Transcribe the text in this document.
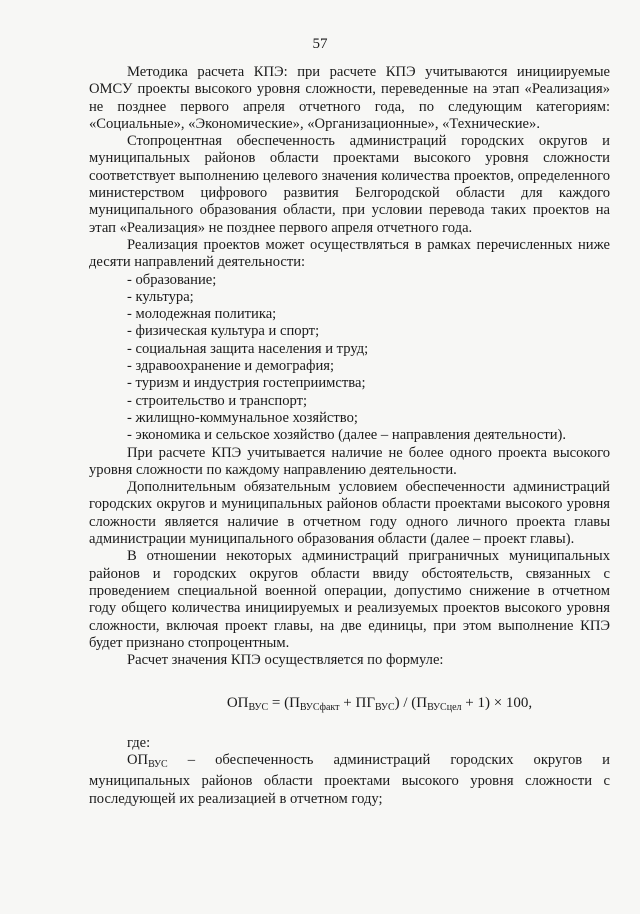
57

Методика расчета КПЭ: при расчете КПЭ учитываются инициируемые ОМСУ проекты высокого уровня сложности, переведенные на этап «Реализация» не позднее первого апреля отчетного года, по следующим категориям: «Социальные», «Экономические», «Организационные», «Технические».

Стопроцентная обеспеченность администраций городских округов и муниципальных районов области проектами высокого уровня сложности соответствует выполнению целевого значения количества проектов, определенного министерством цифрового развития Белгородской области для каждого муниципального образования области, при условии перевода таких проектов на этап «Реализация» не позднее первого апреля отчетного года.

Реализация проектов может осуществляться в рамках перечисленных ниже десяти направлений деятельности:

- образование;
- культура;
- молодежная политика;
- физическая культура и спорт;
- социальная защита населения и труд;
- здравоохранение и демография;
- туризм и индустрия гостеприимства;
- строительство и транспорт;
- жилищно-коммунальное хозяйство;
- экономика и сельское хозяйство (далее – направления деятельности).

При расчете КПЭ учитывается наличие не более одного проекта высокого уровня сложности по каждому направлению деятельности.

Дополнительным обязательным условием обеспеченности администраций городских округов и муниципальных районов области проектами высокого уровня сложности является наличие в отчетном году одного личного проекта главы администрации муниципального образования области (далее – проект главы).

В отношении некоторых администраций приграничных муниципальных районов и городских округов области ввиду обстоятельств, связанных с проведением специальной военной операции, допустимо снижение в отчетном году общего количества инициируемых и реализуемых проектов высокого уровня сложности, включая проект главы, на две единицы, при этом выполнение КПЭ будет признано стопроцентным.

Расчет значения КПЭ осуществляется по формуле:

$ОП_{ВУС} = (П_{ВУСфакт} + ПГ_{ВУС}) / (П_{ВУСцел} + 1) \times 100$,

где:

$ОП_{ВУС}$ – обеспеченность администраций городских округов и муниципальных районов области проектами высокого уровня сложности с последующей их реализацией в отчетном году;
